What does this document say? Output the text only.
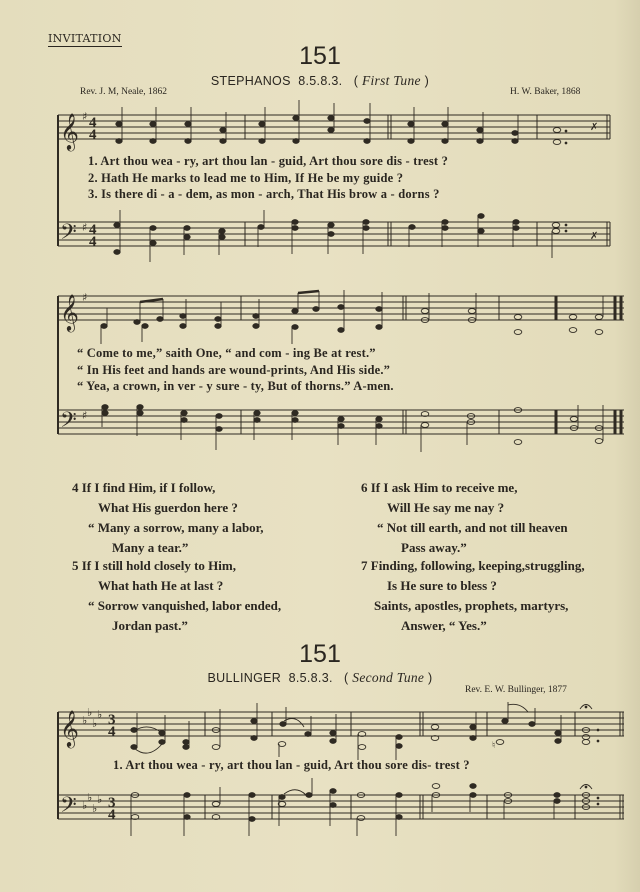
INVITATION
151
STEPHANOS 8.5.8.3.   ( First Tune )
Rev. J. M, Neale, 1862	H. W. Baker, 1868
𝄞
𝄢
𝄞
𝄢
𝄞
𝄢
♯
♯
♯
♯
♭
♭
♭
♭
♭
♭
♭
♭
4
4
4
4
3
4
3
4
✗
✗
♮
1. Art thou wea - ry, art thou lan - guid, Art thou sore dis - trest ?
2. Hath He marks to lead me to Him, If He be my guide ?
3. Is there di - a - dem, as mon - arch, That His brow a - dorns ?
“ Come to me,” saith One, “ and com - ing Be at rest.”
“ In His feet and hands are wound-prints, And His side.”
“ Yea, a crown, in ver - y sure - ty, But of thorns.” A-men.
4 If I find Him, if I follow,
What His guerdon here ?
“ Many a sorrow, many a labor,
Many a tear.”
5 If I still hold closely to Him,
What hath He at last ?
“ Sorrow vanquished, labor ended,
Jordan past.”
6 If I ask Him to receive me,
Will He say me nay ?
“ Not till earth, and not till heaven
Pass away.”
7 Finding, following, keeping,struggling,
Is He sure to bless ?
Saints, apostles, prophets, martyrs,
Answer, “ Yes.”
151
BULLINGER 8.5.8.3.   ( Second Tune )
Rev. E. W. Bullinger, 1877
1. Art thou wea - ry, art thou lan - guid, Art thou sore dis- trest ?
